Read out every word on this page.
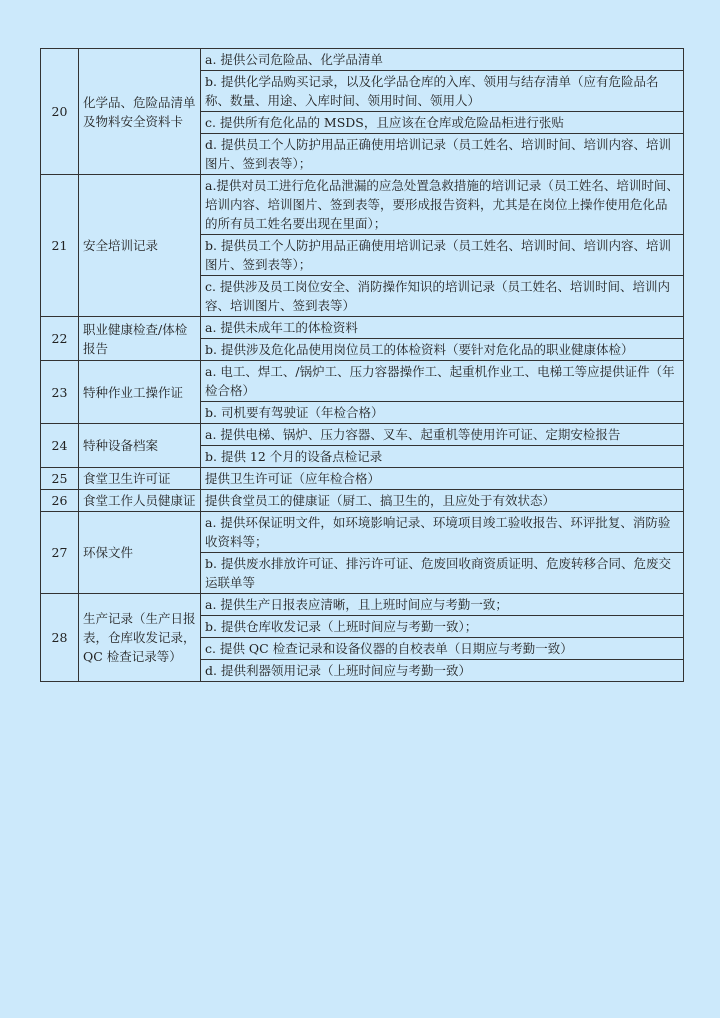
20	化学品、危险品清单及物料安全资料卡	a. 提供公司危险品、化学品清单
		b. 提供化学品购买记录，以及化学品仓库的入库、领用与结存清单（应有危险品名称、数量、用途、入库时间、领用时间、领用人）
		c. 提供所有危化品的 MSDS，且应该在仓库或危险品柜进行张贴
		d. 提供员工个人防护用品正确使用培训记录（员工姓名、培训时间、培训内容、培训图片、签到表等）；
21	安全培训记录	a.提供对员工进行危化品泄漏的应急处置急救措施的培训记录（员工姓名、培训时间、培训内容、培训图片、签到表等，要形成报告资料，尤其是在岗位上操作使用危化品的所有员工姓名要出现在里面）；
		b. 提供员工个人防护用品正确使用培训记录（员工姓名、培训时间、培训内容、培训图片、签到表等）；
		c. 提供涉及员工岗位安全、消防操作知识的培训记录（员工姓名、培训时间、培训内容、培训图片、签到表等）
22	职业健康检查/体检报告	a. 提供未成年工的体检资料
		b. 提供涉及危化品使用岗位员工的体检资料（要针对危化品的职业健康体检）
23	特种作业工操作证	a. 电工、焊工、/锅炉工、压力容器操作工、起重机作业工、电梯工等应提供证件（年检合格）
		b. 司机要有驾驶证（年检合格）
24	特种设备档案	a. 提供电梯、锅炉、压力容器、叉车、起重机等使用许可证、定期安检报告
		b. 提供 12 个月的设备点检记录
25	食堂卫生许可证	提供卫生许可证（应年检合格）
26	食堂工作人员健康证	提供食堂员工的健康证（厨工、搞卫生的，且应处于有效状态）
27	环保文件	a. 提供环保证明文件，如环境影响记录、环境项目竣工验收报告、环评批复、消防验收资料等；
		b. 提供废水排放许可证、排污许可证、危废回收商资质证明、危废转移合同、危废交运联单等
28	生产记录（生产日报表，仓库收发记录，QC 检查记录等）	a. 提供生产日报表应清晰，且上班时间应与考勤一致；
		b. 提供仓库收发记录（上班时间应与考勤一致）；
		c. 提供 QC 检查记录和设备仪器的自校表单（日期应与考勤一致）
		d. 提供利器领用记录（上班时间应与考勤一致）
